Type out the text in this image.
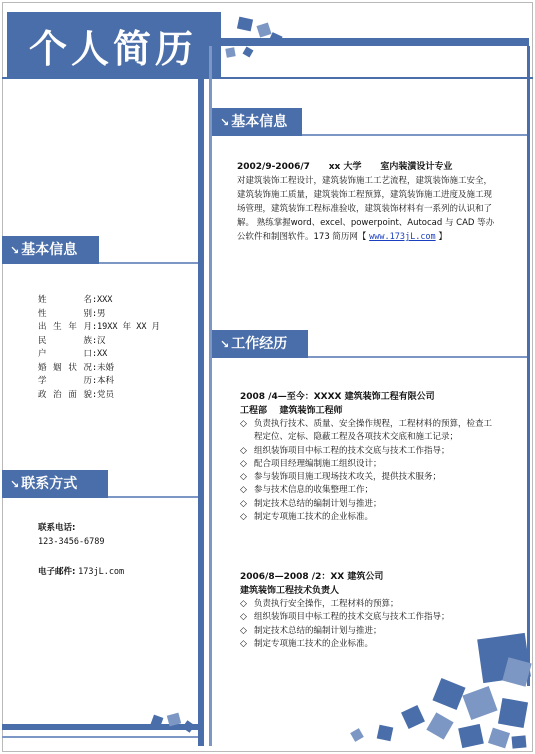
个人简历
↘ 基本信息
姓名 : XXX
性别 : 男
出生年月 : 19XX 年 XX 月
民族 : 汉
户口 : XX
婚姻状况 : 未婚
学历 : 本科
政治面貌 : 党员
↘ 联系方式
联系电话:
123-3456-6789
电子邮件: 173jL.com
↘ 基本信息
2002/9-2006/7 xx 大学 室内装潢设计专业
对建筑装饰工程设计，建筑装饰施工工艺流程，建筑装饰施工安全，建筑装饰施工质量，建筑装饰工程预算，建筑装饰施工进度及施工现场管理，建筑装饰工程标准验收，建筑装饰材料有一系列的认识和了解。 熟练掌握word、excel、powerpoint、Autocad 与 CAD 等办公软件和制图软件。173 简历网【 www.173jL.com 】
↘ 工作经历
2008 /4—至今：XXXX 建筑装饰工程有限公司
工程部    建筑装饰工程师
◇ 负责执行技术、质量、安全操作规程，工程材料的预算，检查工程定位、定标、隐蔽工程及各项技术交底和施工记录；
◇ 组织装饰项目中标工程的技术交底与技术工作指导；
◇ 配合项目经理编制施工组织设计；
◇ 参与装饰项目施工现场技术攻关，提供技术服务；
◇ 参与技术信息的收集整理工作；
◇ 制定技术总结的编制计划与推进；
◇ 制定专项施工技术的企业标准。
2006/8—2008 /2：XX 建筑公司
建筑装饰工程技术负责人
◇ 负责执行安全操作，工程材料的预算；
◇ 组织装饰项目中标工程的技术交底与技术工作指导；
◇ 制定技术总结的编制计划与推进；
◇ 制定专项施工技术的企业标准。
